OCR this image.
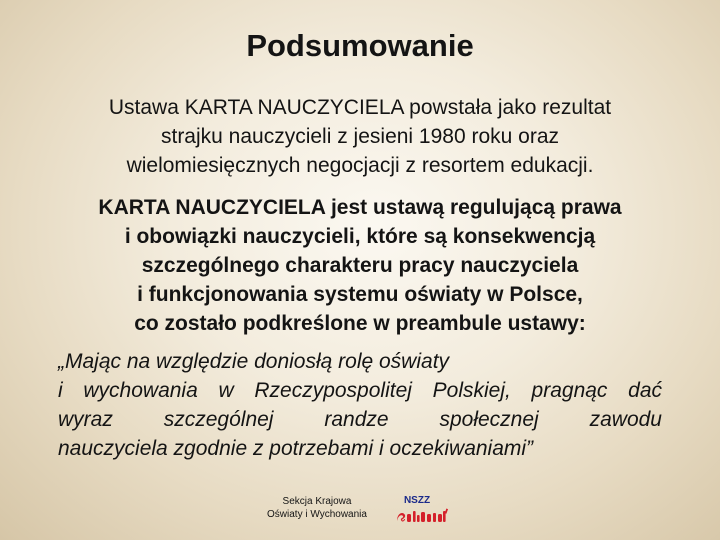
Podsumowanie

Ustawa KARTA NAUCZYCIELA powstała jako rezultat
strajku nauczycieli z jesieni 1980 roku oraz
wielomiesięcznych negocjacji z resortem edukacji.

KARTA NAUCZYCIELA jest ustawą regulującą prawa
i obowiązki nauczycieli, które są konsekwencją
szczególnego charakteru pracy nauczyciela
i funkcjonowania systemu oświaty w Polsce,
co zostało podkreślone w preambule ustawy:

„Mając na względzie doniosłą rolę oświaty
i wychowania w Rzeczypospolitej Polskiej, pragnąc dać
wyraz szczególnej randze społecznej zawodu
nauczyciela zgodnie z potrzebami i oczekiwaniami”
Sekcja Krajowa
Oświaty i Wychowania
NSZZ
